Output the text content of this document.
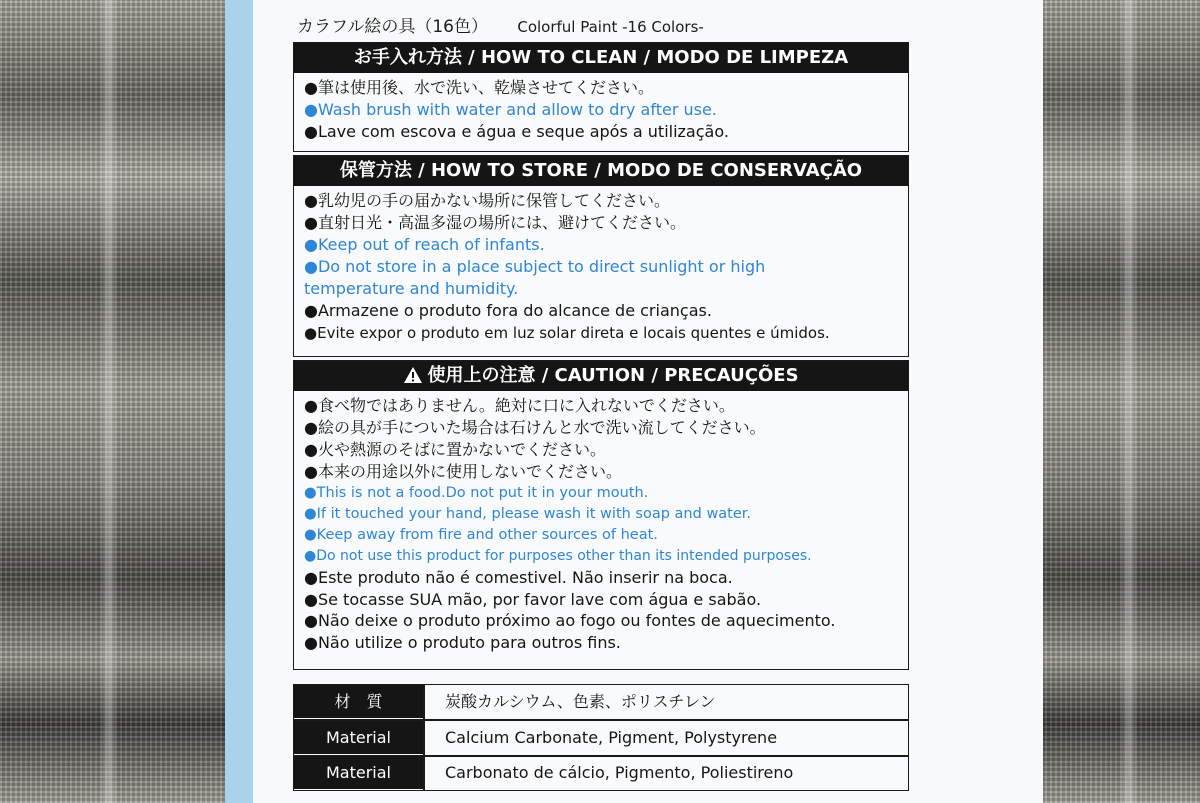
カラフル絵の具（16色） Colorful Paint -16 Colors-
お手入れ方法 / HOW TO CLEAN / MODO DE LIMPEZA
●筆は使用後、水で洗い、乾燥させてください。
●Wash brush with water and allow to dry after use.
●Lave com escova e água e seque após a utilização.
保管方法 / HOW TO STORE / MODO DE CONSERVAÇÃO
●乳幼児の手の届かない場所に保管してください。
●直射日光・高温多湿の場所には、避けてください。
●Keep out of reach of infants.
●Do not store in a place subject to direct sunlight or high
temperature and humidity.
●Armazene o produto fora do alcance de crianças.
●Evite expor o produto em luz solar direta e locais quentes e úmidos.
使用上の注意 / CAUTION / PRECAUÇÕES
●食べ物ではありません。絶対に口に入れないでください。
●絵の具が手についた場合は石けんと水で洗い流してください。
●火や熱源のそばに置かないでください。
●本来の用途以外に使用しないでください。
●This is not a food.Do not put it in your mouth.
●If it touched your hand, please wash it with soap and water.
●Keep away from fire and other sources of heat.
●Do not use this product for purposes other than its intended purposes.
●Este produto não é comestivel. Não inserir na boca.
●Se tocasse SUA mão, por favor lave com água e sabão.
●Não deixe o produto próximo ao fogo ou fontes de aquecimento.
●Não utilize o produto para outros fins.
材　質	炭酸カルシウム、色素、ポリスチレン
Material	Calcium Carbonate, Pigment, Polystyrene
Material	Carbonato de cálcio, Pigmento, Poliestireno
